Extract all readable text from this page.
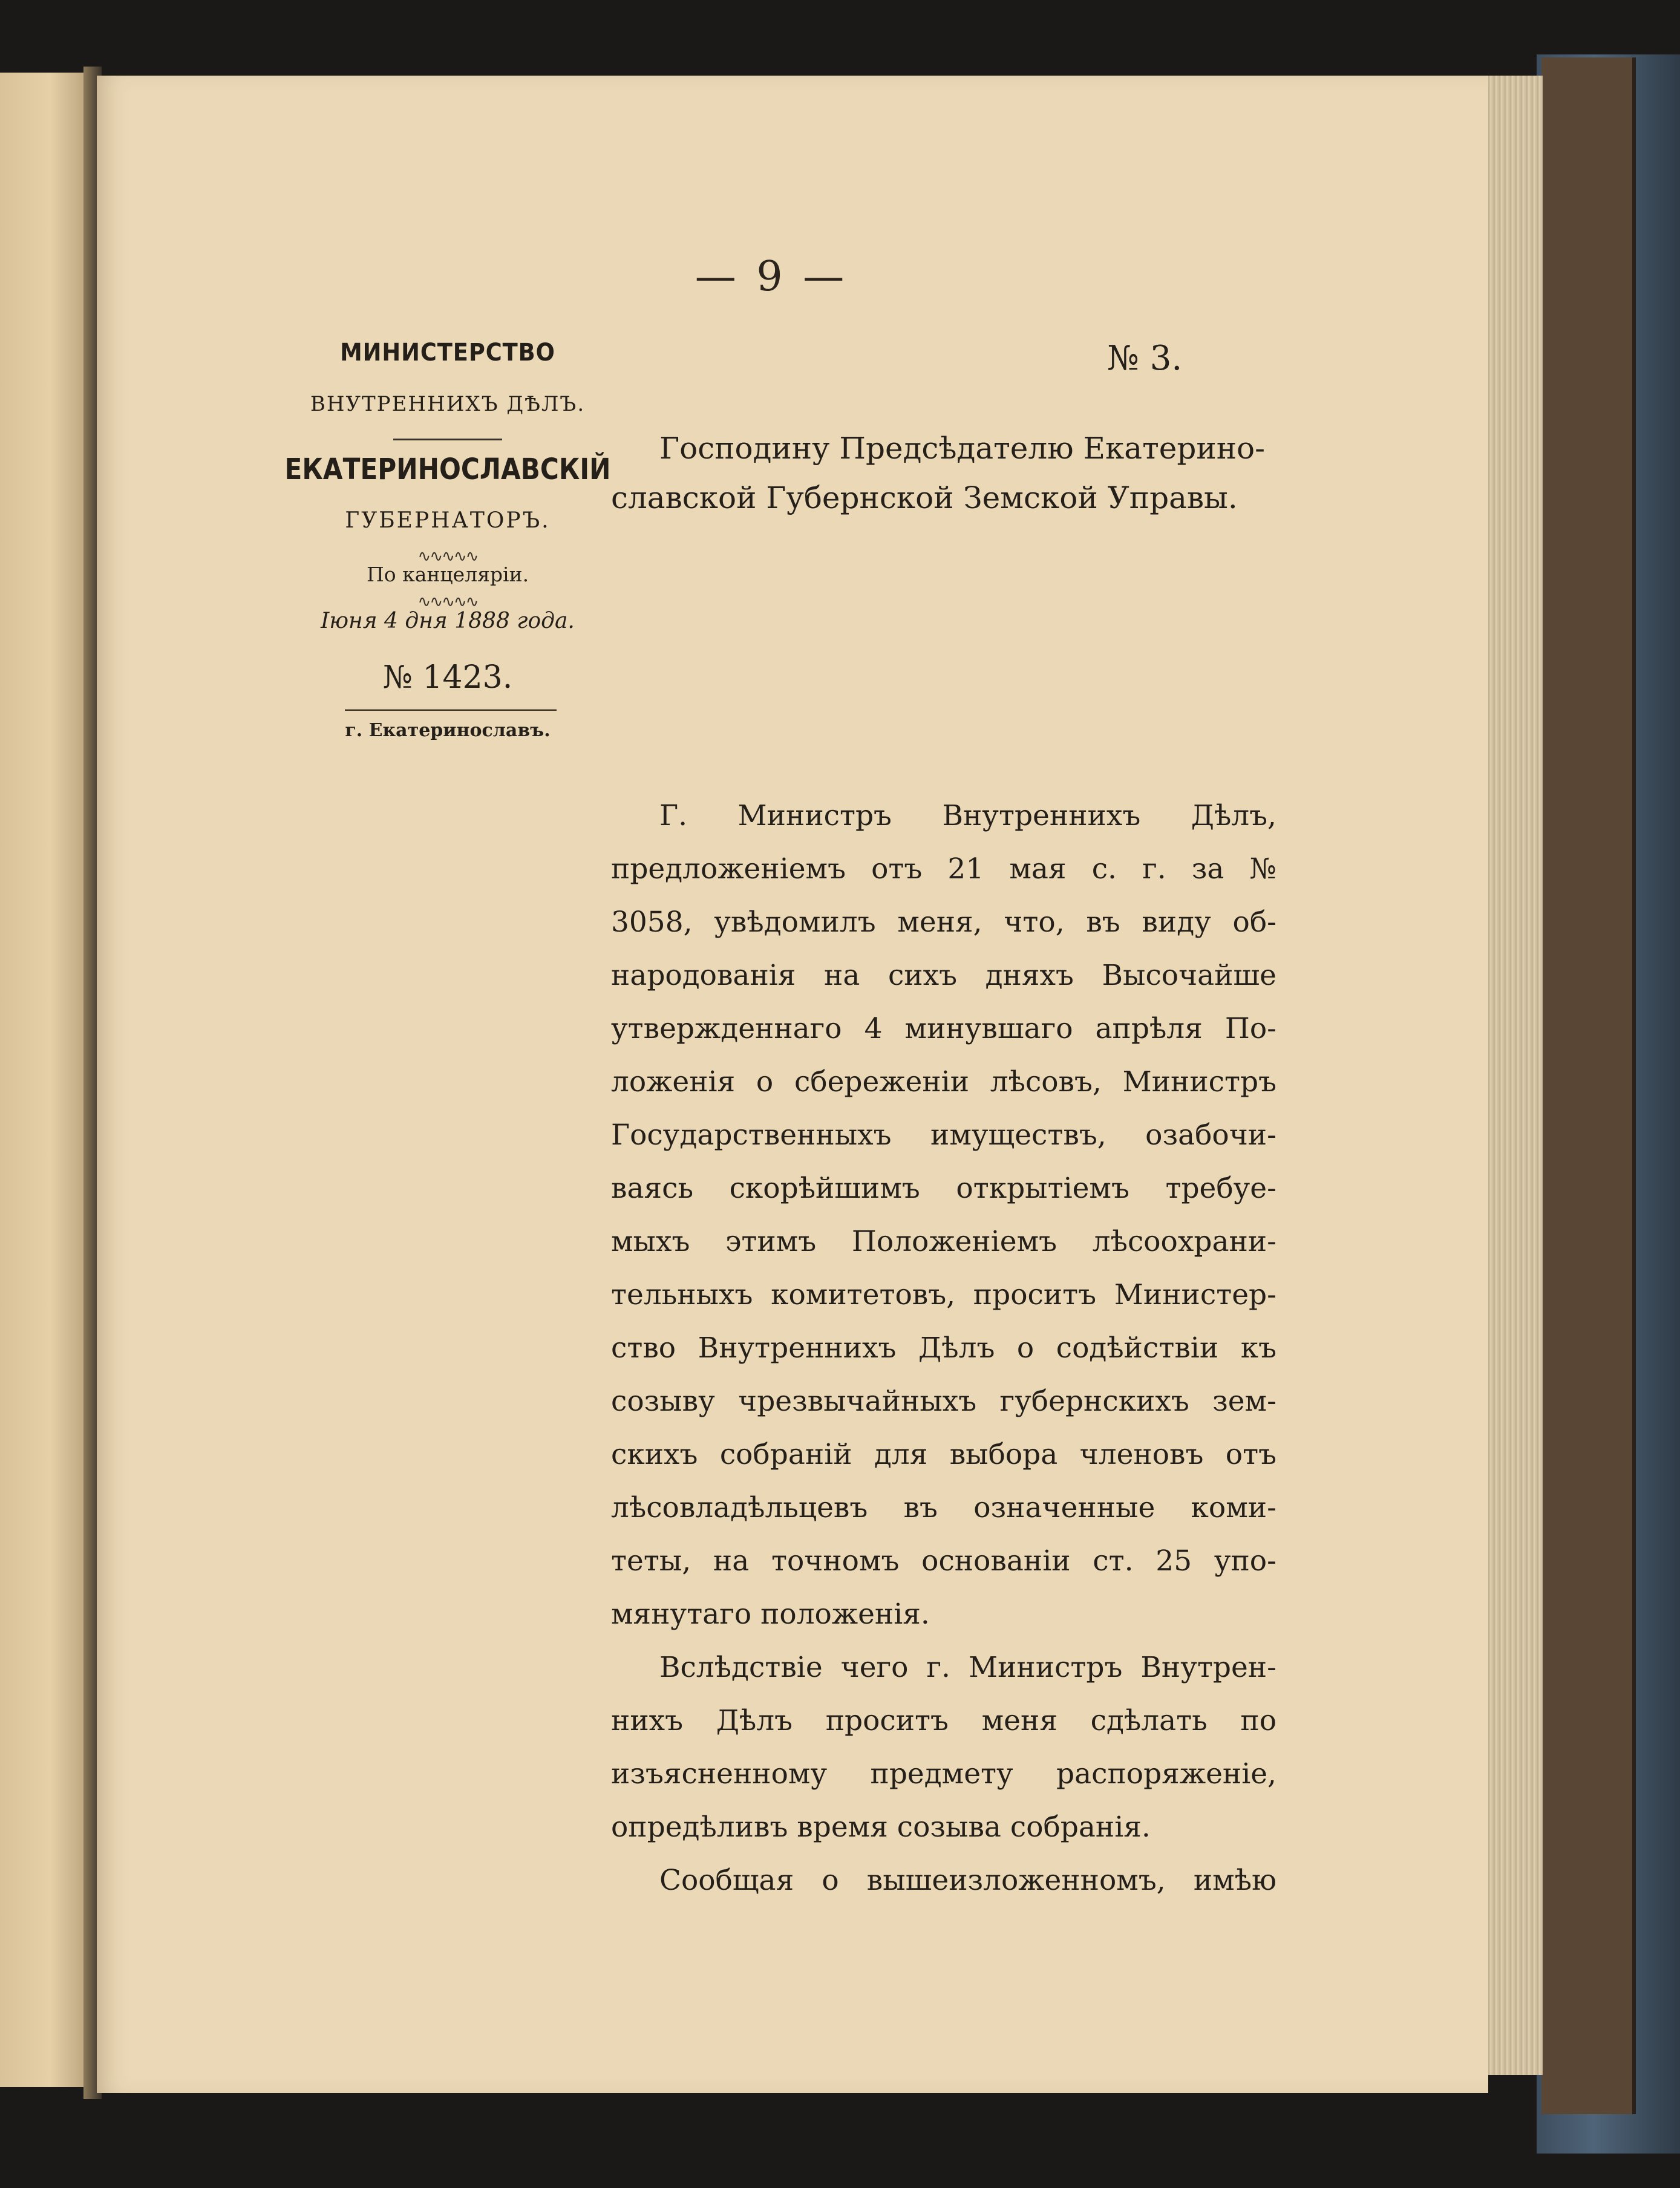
— 9 —
МИНИСТЕРСТВО
ВНУТРЕННИХЪ ДѢЛЪ.
ЕКАТЕРИНОСЛАВСКІЙ
ГУБЕРНАТОРЪ.
∿∿∿∿∿
По канцеляріи.
∿∿∿∿∿
Іюня 4 дня 1888 года.
№ 1423.
г. Екатеринославъ.
№ 3.
Господину Предсѣдателю Екатерино-
славской Губернской Земской Управы.
Г. Министръ Внутреннихъ Дѣлъ,
предложеніемъ отъ 21 мая с. г. за №
3058, увѣдомилъ меня, что, въ виду об-
народованія на сихъ дняхъ Высочайше
утвержденнаго 4 минувшаго апрѣля По-
ложенія о сбереженіи лѣсовъ, Министръ
Государственныхъ имуществъ, озабочи-
ваясь скорѣйшимъ открытіемъ требуе-
мыхъ этимъ Положеніемъ лѣсоохрани-
тельныхъ комитетовъ, проситъ Министер-
ство Внутреннихъ Дѣлъ о содѣйствіи къ
созыву чрезвычайныхъ губернскихъ зем-
скихъ собраній для выбора членовъ отъ
лѣсовладѣльцевъ въ означенные коми-
теты, на точномъ основаніи ст. 25 упо-
мянутаго положенія.
Вслѣдствіе чего г. Министръ Внутрен-
нихъ Дѣлъ проситъ меня сдѣлать по
изъясненному предмету распоряженіе,
опредѣливъ время созыва собранія.
Сообщая о вышеизложенномъ, имѣю
